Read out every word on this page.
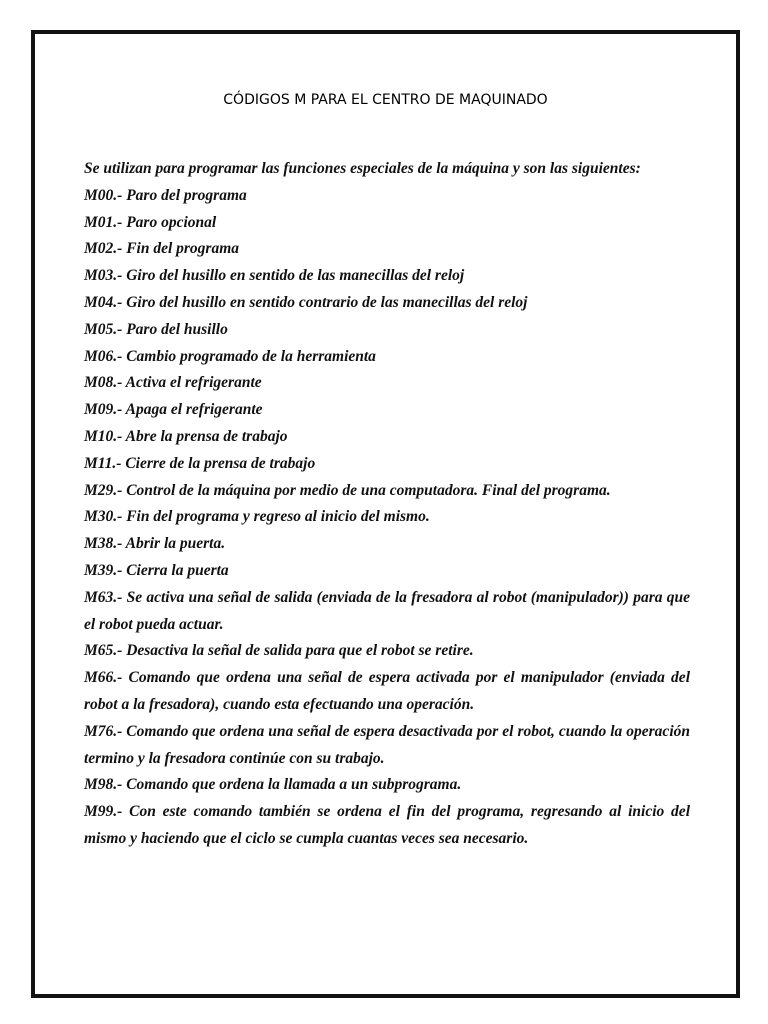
CÓDIGOS M PARA EL CENTRO DE MAQUINADO

Se utilizan para programar las funciones especiales de la máquina y son las siguientes:

M00.- Paro del programa

M01.- Paro opcional

M02.- Fin del programa

M03.- Giro del husillo en sentido de las manecillas del reloj

M04.- Giro del husillo en sentido contrario de las manecillas del reloj

M05.- Paro del husillo

M06.- Cambio programado de la herramienta

M08.- Activa el refrigerante

M09.- Apaga el refrigerante

M10.- Abre la prensa de trabajo

M11.- Cierre de la prensa de trabajo

M29.- Control de la máquina por medio de una computadora. Final del programa.

M30.- Fin del programa y regreso al inicio del mismo.

M38.- Abrir la puerta.

M39.- Cierra la puerta

M63.- Se activa una señal de salida (enviada de la fresadora al robot (manipulador)) para que el robot pueda actuar.

M65.- Desactiva la señal de salida para que el robot se retire.

M66.- Comando que ordena una señal de espera activada por el manipulador (enviada del robot a la fresadora), cuando esta efectuando una operación.

M76.- Comando que ordena una señal de espera desactivada por el robot, cuando la operación termino y la fresadora continúe con su trabajo.

M98.- Comando que ordena la llamada a un subprograma.

M99.- Con este comando también se ordena el fin del programa, regresando al inicio del mismo y haciendo que el ciclo se cumpla cuantas veces sea necesario.
